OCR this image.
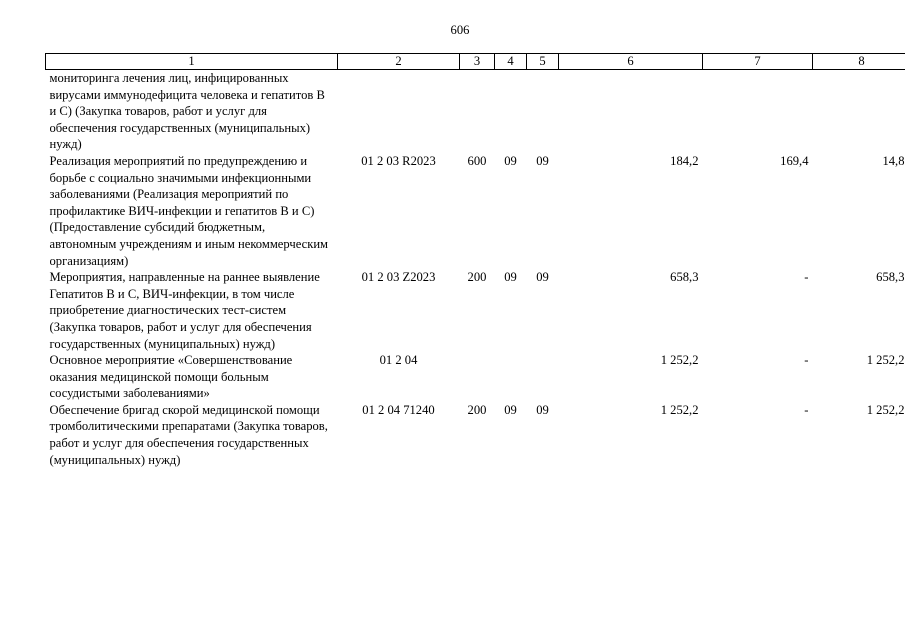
606
1	2	3	4	5	6	7	8
мониторинга лечения лиц, инфицированных вирусами иммунодефицита человека и гепатитов В и С) (Закупка товаров, работ и услуг для обеспечения государственных (муниципальных) нужд)							
Реализация мероприятий по предупреждению и борьбе с социально значимыми инфекционными заболеваниями (Реализация мероприятий по профилактике ВИЧ-инфекции и гепатитов В и С) (Предоставление субсидий бюджетным, автономным учреждениям и иным некоммерческим организациям)	01 2 03 R2023	600	09	09	184,2	169,4	14,8
Мероприятия, направленные на раннее выявление Гепатитов В и С, ВИЧ-инфекции, в том числе приобретение диагностических тест-систем (Закупка товаров, работ и услуг для обеспечения государственных (муниципальных) нужд)	01 2 03 Z2023	200	09	09	658,3	-	658,3
Основное мероприятие «Совершенствование оказания медицинской помощи больным сосудистыми заболеваниями»	01 2 04				1 252,2	-	1 252,2
Обеспечение бригад скорой медицинской помощи тромболитическими препаратами (Закупка товаров, работ и услуг для обеспечения государственных (муниципальных) нужд)	01 2 04 71240	200	09	09	1 252,2	-	1 252,2
